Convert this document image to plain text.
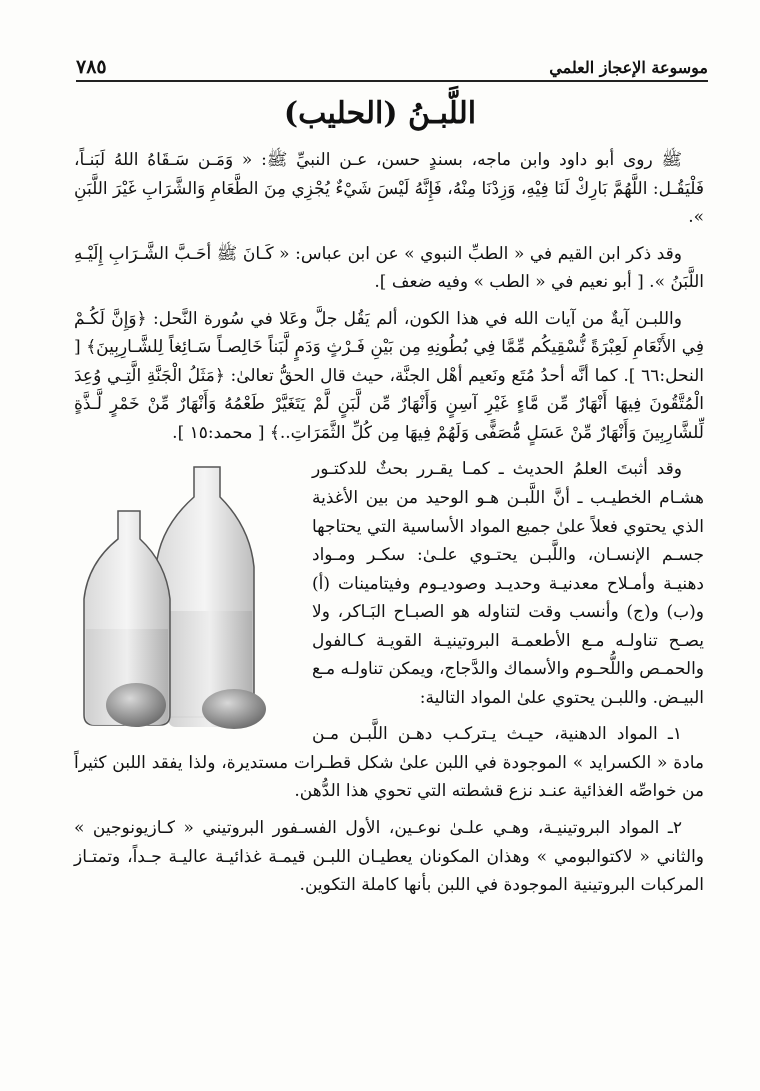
موسوعة الإعجاز العلمي
٧٨٥
اللَّبـنُ (الحليب)

ﷺ روى أبو داود وابن ماجه، بسندٍ حسن، عـن النبيِّ ﷺ: « وَمَـن سَـقَاهُ اللهُ لَبَنـاً، فَلْيَقُـل: اللَّهُمَّ بَارِكْ لَنَا فِيْهِ، وَزِدْنَا مِنْهُ، فَإِنَّهُ لَيْسَ شَيْءٌ يُجْزِي مِنَ الطَّعَامِ وَالشَّرَابِ غَيْرَ اللَّبَنِ ».

وقد ذكر ابن القيم في « الطبِّ النبوي » عن ابن عباس: « كَـانَ ﷺ أحَـبَّ الشَّـرَابِ إِلَيْـهِ اللَّبَنُ ». [ أبو نعيم في « الطب » وفيه ضعف ].

واللبـن آيةٌ من آيات الله في هذا الكون، ألم يَقُل جلَّ وعَلا في سُورة النَّحل: ﴿وَإِنَّ لَكُـمْ فِي الأَنْعَامِ لَعِبْرَةً نُّسْقِيكُم مِّمَّا فِي بُطُونِهِ مِن بَيْنِ فَـرْثٍ وَدَمٍ لَّبَناً خَالِصـاً سَـائِغاً لِلشَّـارِبِينَ﴾ [ النحل:٦٦ ]. كما أنَّه أحدُ مُتَع ونَعيم أهْل الجنَّة، حيث قال الحقُّ تعالىٰ: ﴿مَثَلُ الْجَنَّةِ الَّتِـي وُعِدَ الْمُتَّقُونَ فِيهَا أَنْهَارٌ مِّن مَّاءٍ غَيْرِ آسِنٍ وَأَنْهَارٌ مِّن لَّبَنٍ لَّمْ يَتَغَيَّرْ طَعْمُهُ وَأَنْهَارٌ مِّنْ خَمْرٍ لَّـذَّةٍ لِّلشَّارِبِينَ وَأَنْهَارٌ مِّنْ عَسَلٍ مُّصَفًّى وَلَهُمْ فِيهَا مِن كُلِّ الثَّمَرَاتِ..﴾ [ محمد:١٥ ].

وقد أثبتَ العلمُ الحديث ـ كمـا يقـرر بحثٌ للدكتـور هشـام الخطيـب ـ أنَّ اللَّبـن هـو الوحيد من بين الأغذية الذي يحتوي فعلاً علىٰ جميع المواد الأساسية التي يحتاجها جسـم الإنسـان، واللَّبـن يحتـوي علـىٰ: سكـر ومـواد دهنيـة وأمـلاح معدنيـة وحديـد وصوديـوم وفيتامينات (أ) و(ب) و(ج) وأنسب وقت لتناوله هو الصبـاح البَـاكر، ولا يصـح تناولـه مـع الأطعمـة البروتينيـة القويـة كـالفول والحمـص واللُّحـوم والأسماك والدَّجاج، ويمكن تناولـه مـع البيـض. واللبـن يحتوي علىٰ المواد التالية:

١ـ المواد الدهنية، حيـث يـتركـب دهـن اللَّبـن مـن مادة « الكسرايد » الموجودة في اللبن علىٰ شكل قطـرات مستديرة، ولذا يفقد اللبن كثيراً من خواصِّه الغذائية عنـد نزع قشطته التي تحوي هذا الدُّهن.

٢ـ المواد البروتينيـة، وهـي علـىٰ نوعـين، الأول الفسـفور البروتيني « كـازيونوجين » والثاني « لاكتوالبومي » وهذان المكونان يعطيـان اللبـن قيمـة غذائيـة عاليـة جـداً، وتمتـاز المركبات البروتينية الموجودة في اللبن بأنها كاملة التكوين.
